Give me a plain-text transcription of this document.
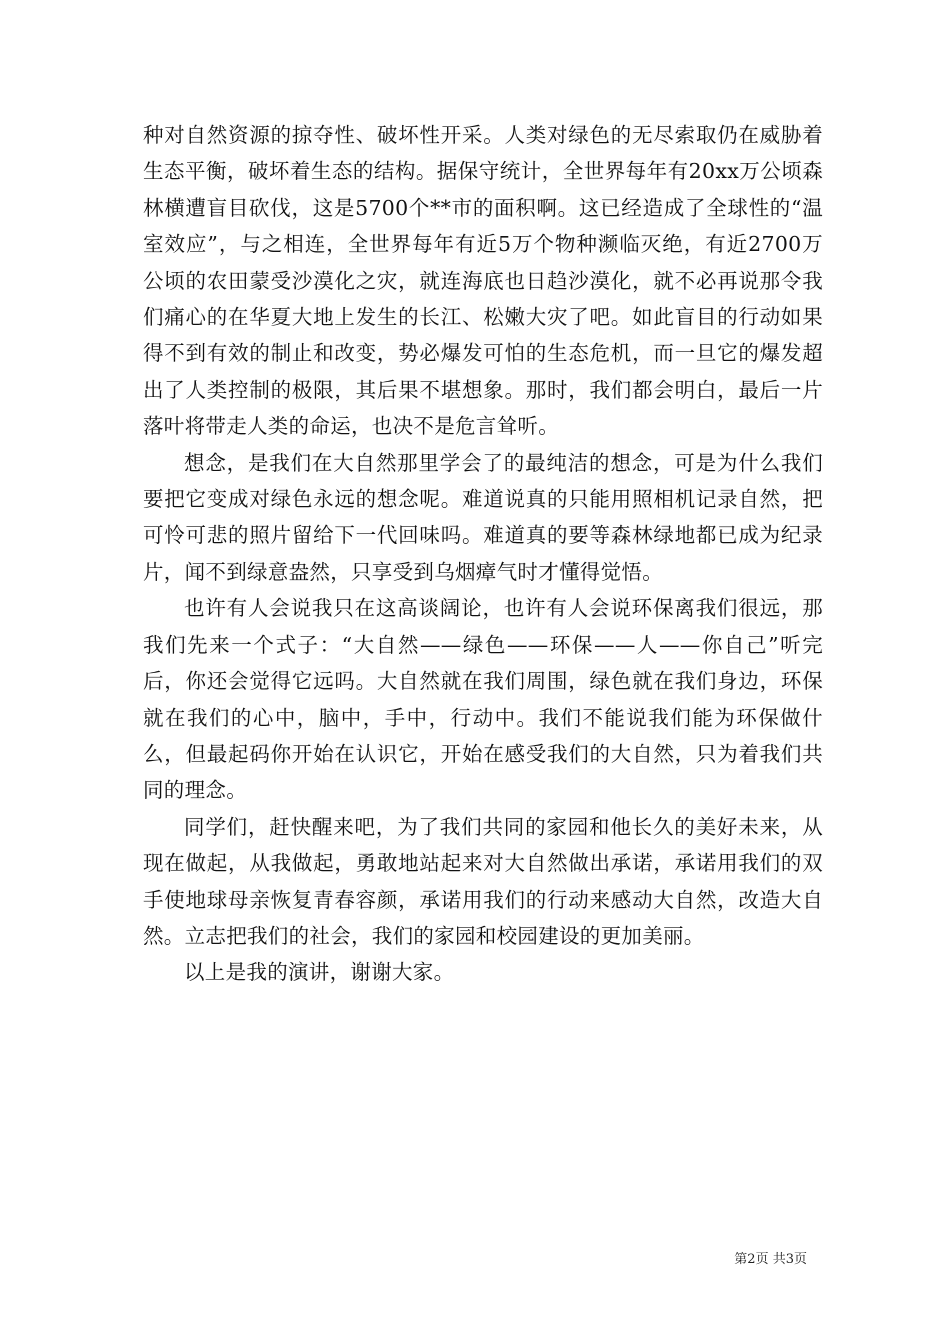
种对自然资源的掠夺性、破坏性开采。人类对绿色的无尽索取仍在威胁着生态平衡，破坏着生态的结构。据保守统计，全世界每年有20xx万公顷森林横遭盲目砍伐，这是5700个**市的面积啊。这已经造成了全球性的“温室效应”，与之相连，全世界每年有近5万个物种濒临灭绝，有近2700万公顷的农田蒙受沙漠化之灾，就连海底也日趋沙漠化，就不必再说那令我们痛心的在华夏大地上发生的长江、松嫩大灾了吧。如此盲目的行动如果得不到有效的制止和改变，势必爆发可怕的生态危机，而一旦它的爆发超出了人类控制的极限，其后果不堪想象。那时，我们都会明白，最后一片落叶将带走人类的命运，也决不是危言耸听。

想念，是我们在大自然那里学会了的最纯洁的想念，可是为什么我们要把它变成对绿色永远的想念呢。难道说真的只能用照相机记录自然，把可怜可悲的照片留给下一代回味吗。难道真的要等森林绿地都已成为纪录片，闻不到绿意盎然，只享受到乌烟瘴气时才懂得觉悟。

也许有人会说我只在这高谈阔论，也许有人会说环保离我们很远，那我们先来一个式子：“大自然——绿色——环保——人——你自己”听完后，你还会觉得它远吗。大自然就在我们周围，绿色就在我们身边，环保就在我们的心中，脑中，手中，行动中。我们不能说我们能为环保做什么，但最起码你开始在认识它，开始在感受我们的大自然，只为着我们共同的理念。

同学们，赶快醒来吧，为了我们共同的家园和他长久的美好未来，从现在做起，从我做起，勇敢地站起来对大自然做出承诺，承诺用我们的双手使地球母亲恢复青春容颜，承诺用我们的行动来感动大自然，改造大自然。立志把我们的社会，我们的家园和校园建设的更加美丽。

以上是我的演讲，谢谢大家。

第2页 共3页
